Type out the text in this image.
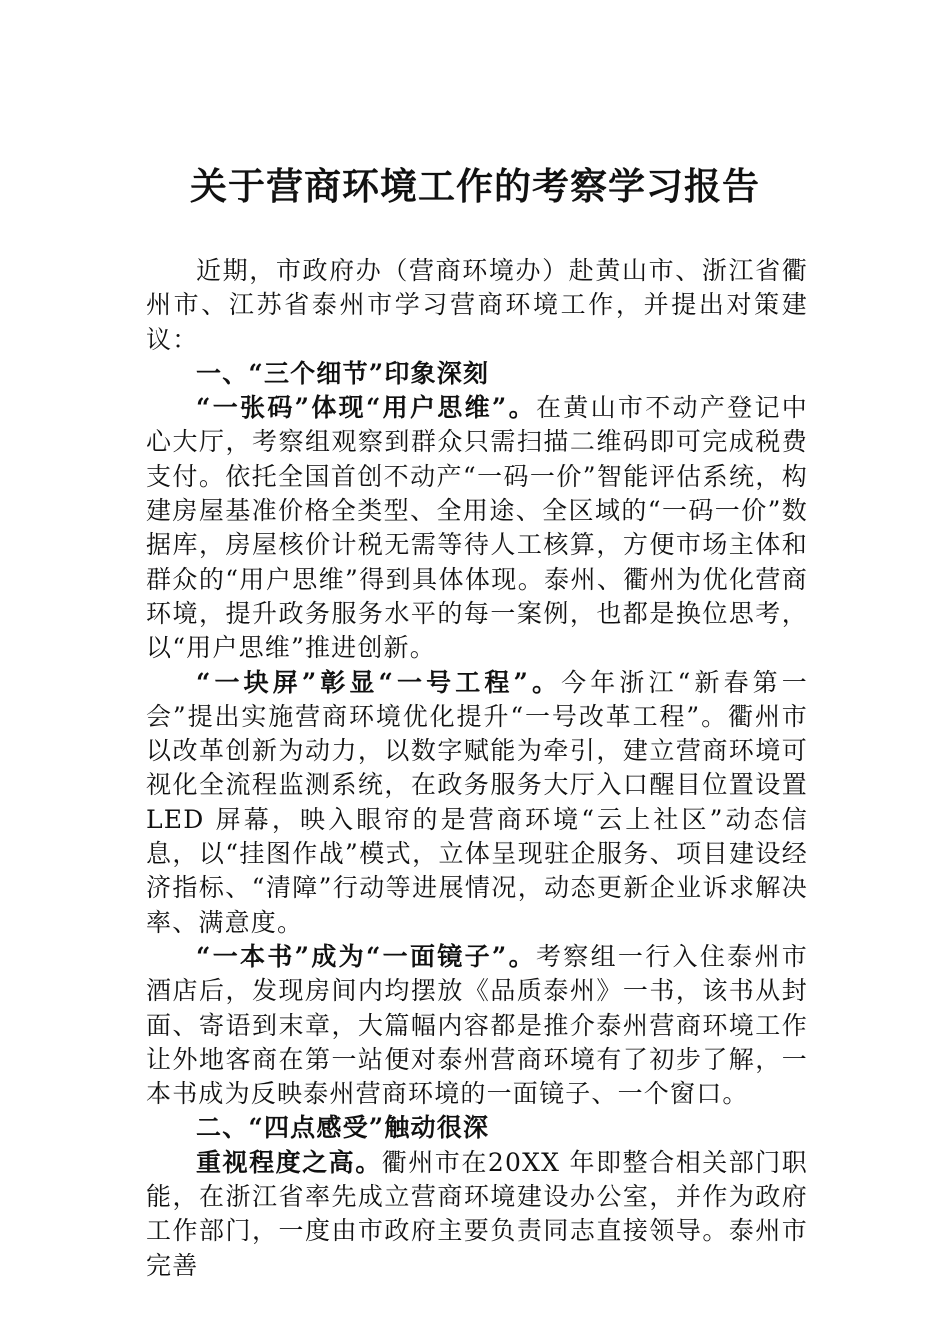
关于营商环境工作的考察学习报告

近期，市政府办（营商环境办）赴黄山市、浙江省衢州市、江苏省泰州市学习营商环境工作，并提出对策建议：

一、“三个细节”印象深刻

“一张码”体现“用户思维”。在黄山市不动产登记中心大厅，考察组观察到群众只需扫描二维码即可完成税费支付。依托全国首创不动产“一码一价”智能评估系统，构建房屋基准价格全类型、全用途、全区域的“一码一价”数据库，房屋核价计税无需等待人工核算，方便市场主体和群众的“用户思维”得到具体体现。泰州、衢州为优化营商环境，提升政务服务水平的每一案例，也都是换位思考，以“用户思维”推进创新。

“一块屏”彰显“一号工程”。今年浙江“新春第一会”提出实施营商环境优化提升“一号改革工程”。衢州市以改革创新为动力，以数字赋能为牵引，建立营商环境可视化全流程监测系统，在政务服务大厅入口醒目位置设置LED 屏幕，映入眼帘的是营商环境“云上社区”动态信息，以“挂图作战”模式，立体呈现驻企服务、项目建设经济指标、“清障”行动等进展情况，动态更新企业诉求解决率、满意度。

“一本书”成为“一面镜子”。考察组一行入住泰州市酒店后，发现房间内均摆放《品质泰州》一书，该书从封面、寄语到末章，大篇幅内容都是推介泰州营商环境工作让外地客商在第一站便对泰州营商环境有了初步了解，一本书成为反映泰州营商环境的一面镜子、一个窗口。

二、“四点感受”触动很深

重视程度之高。衢州市在20XX 年即整合相关部门职能，在浙江省率先成立营商环境建设办公室，并作为政府工作部门，一度由市政府主要负责同志直接领导。泰州市完善
